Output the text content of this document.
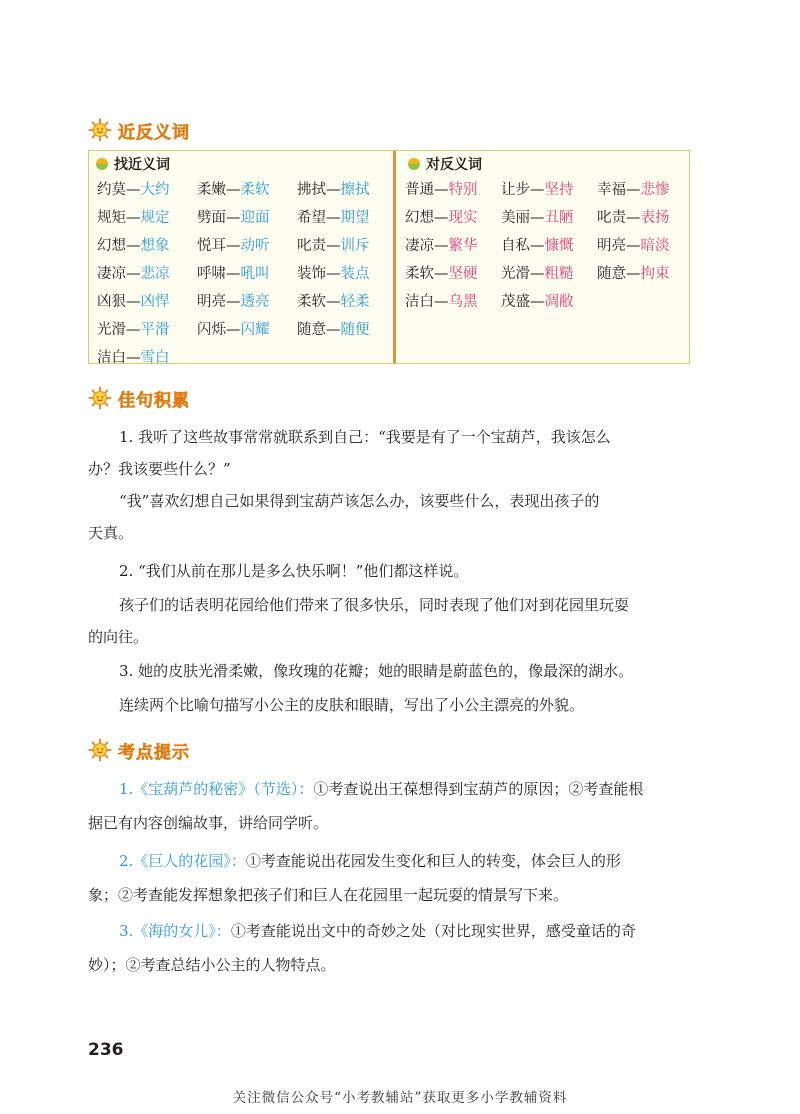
近反义词
找近义词
约莫—大约	柔嫩—柔软	拂拭—擦拭
规矩—规定	劈面—迎面	希望—期望
幻想—想象	悦耳—动听	叱责—训斥
凄凉—悲凉	呼啸—吼叫	装饰—装点
凶狠—凶悍	明亮—透亮	柔软—轻柔
光滑—平滑	闪烁—闪耀	随意—随便
洁白—雪白
对反义词
普通—特别	让步—坚持	幸福—悲惨
幻想—现实	美丽—丑陋	叱责—表扬
凄凉—繁华	自私—慷慨	明亮—暗淡
柔软—坚硬	光滑—粗糙	随意—拘束
洁白—乌黑	茂盛—凋敝
佳句积累
1. 我听了这些故事常常就联系到自己：“我要是有了一个宝葫芦，我该怎么
办？我该要些什么？”
“我”喜欢幻想自己如果得到宝葫芦该怎么办，该要些什么，表现出孩子的
天真。
2. “我们从前在那儿是多么快乐啊！”他们都这样说。
孩子们的话表明花园给他们带来了很多快乐，同时表现了他们对到花园里玩耍
的向往。
3. 她的皮肤光滑柔嫩，像玫瑰的花瓣；她的眼睛是蔚蓝色的，像最深的湖水。
连续两个比喻句描写小公主的皮肤和眼睛，写出了小公主漂亮的外貌。
考点提示
1.《宝葫芦的秘密》（节选）：①考查说出王葆想得到宝葫芦的原因；②考查能根
据已有内容创编故事，讲给同学听。
2.《巨人的花园》：①考查能说出花园发生变化和巨人的转变，体会巨人的形
象；②考查能发挥想象把孩子们和巨人在花园里一起玩耍的情景写下来。
3.《海的女儿》：①考查能说出文中的奇妙之处（对比现实世界，感受童话的奇
妙）；②考查总结小公主的人物特点。
236
关注微信公众号“小考教辅站”获取更多小学教辅资料
